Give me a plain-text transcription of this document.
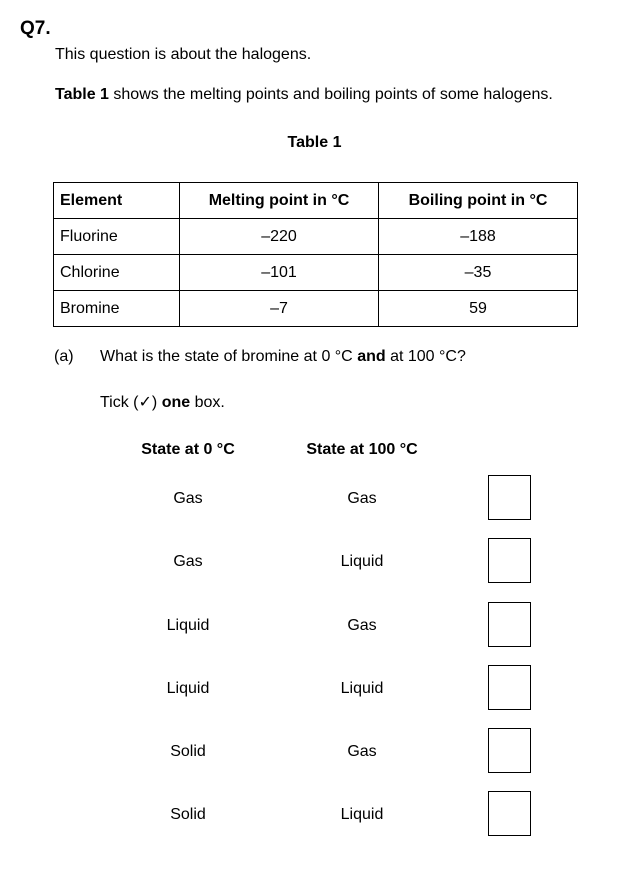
Q7.
This question is about the halogens.
Table 1 shows the melting points and boiling points of some halogens.
Table 1
Element	Melting point in °C	Boiling point in °C
Fluorine	–220	–188
Chlorine	–101	–35
Bromine	–7	59
(a) What is the state of bromine at 0 °C and at 100 °C?
Tick (✓) one box.
State at 0 °C	State at 100 °C
Gas	Gas
Gas	Liquid
Liquid	Gas
Liquid	Liquid
Solid	Gas
Solid	Liquid
